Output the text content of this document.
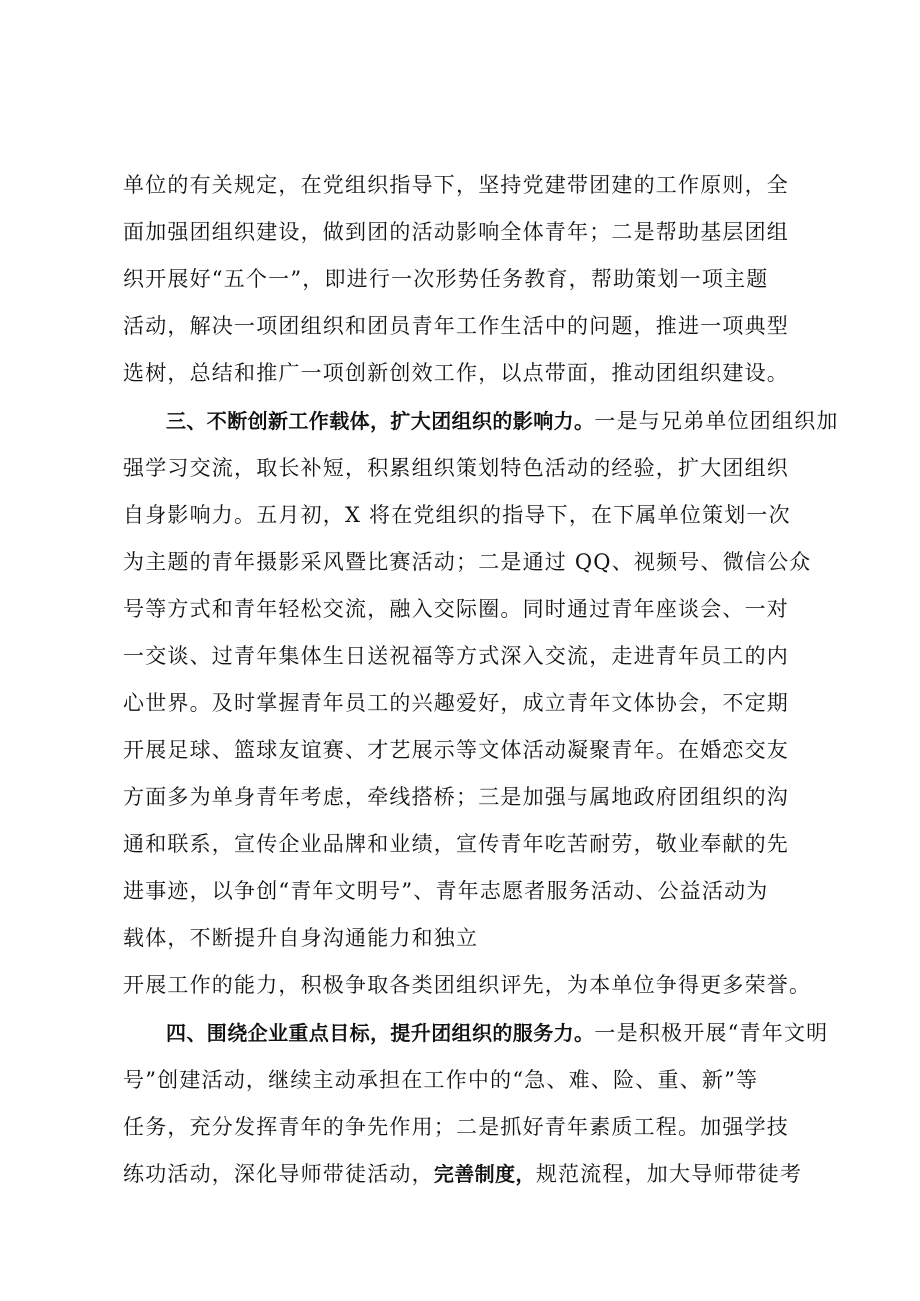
单位的有关规定，在党组织指导下，坚持党建带团建的工作原则，全
面加强团组织建设，做到团的活动影响全体青年；二是帮助基层团组
织开展好“五个一”，即进行一次形势任务教育，帮助策划一项主题
活动，解决一项团组织和团员青年工作生活中的问题，推进一项典型
选树，总结和推广一项创新创效工作，以点带面，推动团组织建设。
三、不断创新工作载体，扩大团组织的影响力。一是与兄弟单位团组织加
强学习交流，取长补短，积累组织策划特色活动的经验，扩大团组织
自身影响力。五月初，X 将在党组织的指导下，在下属单位策划一次
为主题的青年摄影采风暨比赛活动；二是通过 QQ、视频号、微信公众
号等方式和青年轻松交流，融入交际圈。同时通过青年座谈会、一对
一交谈、过青年集体生日送祝福等方式深入交流，走进青年员工的内
心世界。及时掌握青年员工的兴趣爱好，成立青年文体协会，不定期
开展足球、篮球友谊赛、才艺展示等文体活动凝聚青年。在婚恋交友
方面多为单身青年考虑，牵线搭桥；三是加强与属地政府团组织的沟
通和联系，宣传企业品牌和业绩，宣传青年吃苦耐劳，敬业奉献的先
进事迹，以争创“青年文明号”、青年志愿者服务活动、公益活动为
载体，不断提升自身沟通能力和独立
开展工作的能力，积极争取各类团组织评先，为本单位争得更多荣誉。
四、围绕企业重点目标，提升团组织的服务力。一是积极开展“青年文明
号”创建活动，继续主动承担在工作中的“急、难、险、重、新”等
任务，充分发挥青年的争先作用；二是抓好青年素质工程。加强学技
练功活动，深化导师带徒活动，完善制度，规范流程，加大导师带徒考
